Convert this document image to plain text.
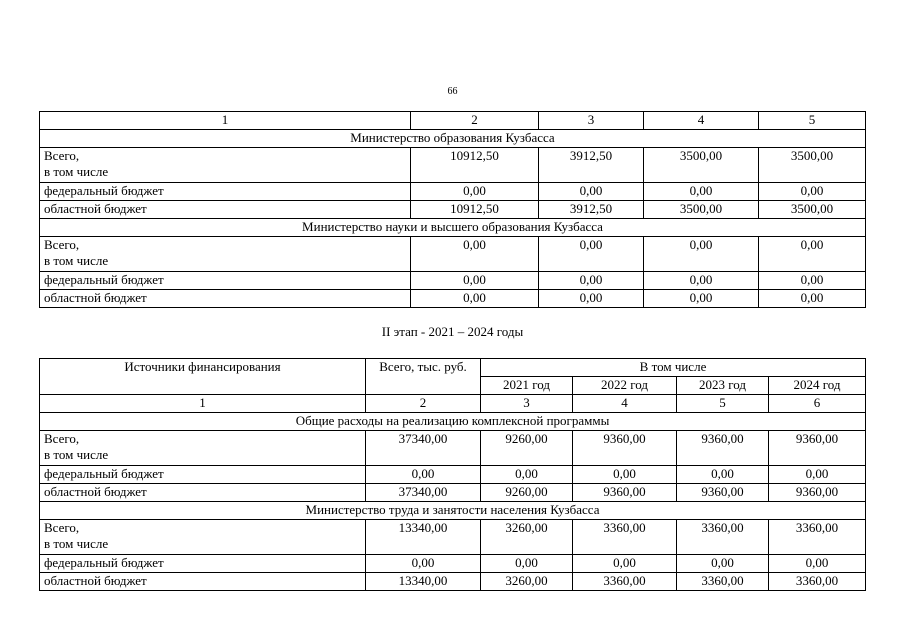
66
1	2	3	4	5
Министерство образования Кузбасса				

Всего,
в том числе	10912,50	3912,50	3500,00	3500,00

федеральный бюджет	0,00	0,00	0,00	0,00

областной бюджет	10912,50	3912,50	3500,00	3500,00
Министерство науки и высшего образования Кузбасса				

Всего,
в том числе	0,00	0,00	0,00	0,00

федеральный бюджет	0,00	0,00	0,00	0,00

областной бюджет	0,00	0,00	0,00	0,00
II этап - 2021 – 2024 годы
Источники финансирования	Всего, тыс. руб.	В том числе			
		2021 год	2022 год	2023 год	2024 год
1	2	3	4	5	6
Общие расходы на реализацию комплексной программы					

Всего,
в том числе	37340,00	9260,00	9360,00	9360,00	9360,00

федеральный бюджет	0,00	0,00	0,00	0,00	0,00

областной бюджет	37340,00	9260,00	9360,00	9360,00	9360,00
Министерство труда и занятости населения Кузбасса					

Всего,
в том числе	13340,00	3260,00	3360,00	3360,00	3360,00

федеральный бюджет	0,00	0,00	0,00	0,00	0,00

областной бюджет	13340,00	3260,00	3360,00	3360,00	3360,00
